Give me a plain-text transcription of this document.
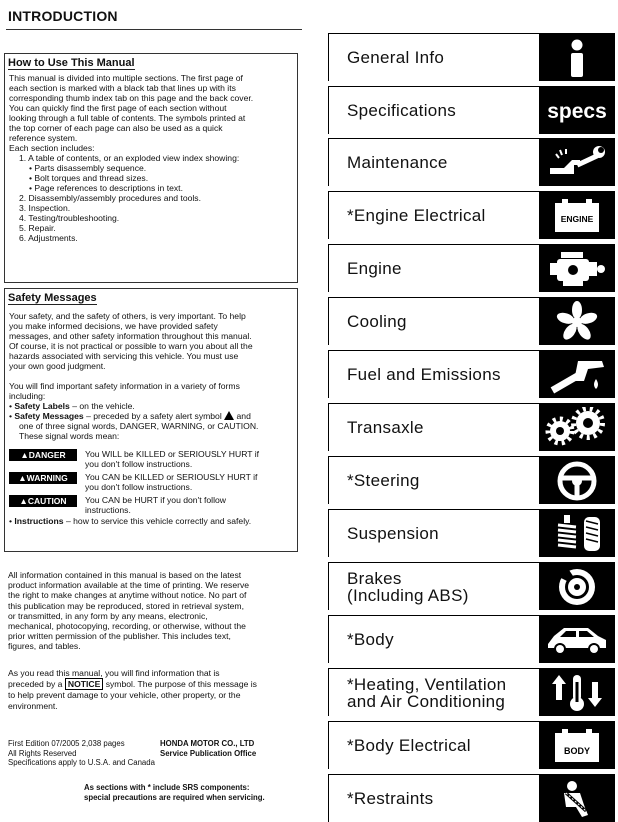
INTRODUCTION
How to Use This Manual

This manual is divided into multiple sections. The first page of

each section is marked with a black tab that lines up with its

corresponding thumb index tab on this page and the back cover.

You can quickly find the first page of each section without

looking through a full table of contents. The symbols printed at

the top corner of each page can also be used as a quick

reference system.

Each section includes:

1. A table of contents, or an exploded view index showing:

• Parts disassembly sequence.

• Bolt torques and thread sizes.

• Page references to descriptions in text.

2. Disassembly/assembly procedures and tools.

3. Inspection.

4. Testing/troubleshooting.

5. Repair.

6. Adjustments.

Safety Messages

Your safety, and the safety of others, is very important. To help

you make informed decisions, we have provided safety

messages, and other safety information throughout this manual.

Of course, it is not practical or possible to warn you about all the

hazards associated with servicing this vehicle. You must use

your own good judgment.

You will find important safety information in a variety of forms

including:

• Safety Labels – on the vehicle.

• Safety Messages – preceded by a safety alert symbol  and

one of three signal words, DANGER, WARNING, or CAUTION.

These signal words mean:

▲DANGER	You WILL be KILLED or SERIOUSLY HURT if
you don't follow instructions.
▲WARNING	You CAN be KILLED or SERIOUSLY HURT if
you don't follow instructions.
▲CAUTION	You CAN be HURT if you don't follow
instructions.

• Instructions – how to service this vehicle correctly and safely.

All information contained in this manual is based on the latest
product information available at the time of printing. We reserve
the right to make changes at anytime without notice. No part of
this publication may be reproduced, stored in retrieval system,
or transmitted, in any form by any means, electronic,
mechanical, photocopying, recording, or otherwise, without the
prior written permission of the publisher. This includes text,
figures, and tables.
As you read this manual, you will find information that is
preceded by a NOTICE symbol. The purpose of this message is
to help prevent damage to your vehicle, other property, or the
environment.
First Edition 07/2005 2,038 pages
All Rights Reserved
Specifications apply to U.S.A. and Canada
HONDA MOTOR CO., LTD
Service Publication Office
As sections with * include SRS components:
special precautions are required when servicing.
General Info
Specifications	specs
Maintenance
*Engine Electrical	ENGINE
Engine
Cooling
Fuel and Emissions
Transaxle
*Steering
Suspension
Brakes
(Including ABS)
*Body
*Heating, Ventilation
and Air Conditioning
*Body Electrical	BODY
*Restraints
